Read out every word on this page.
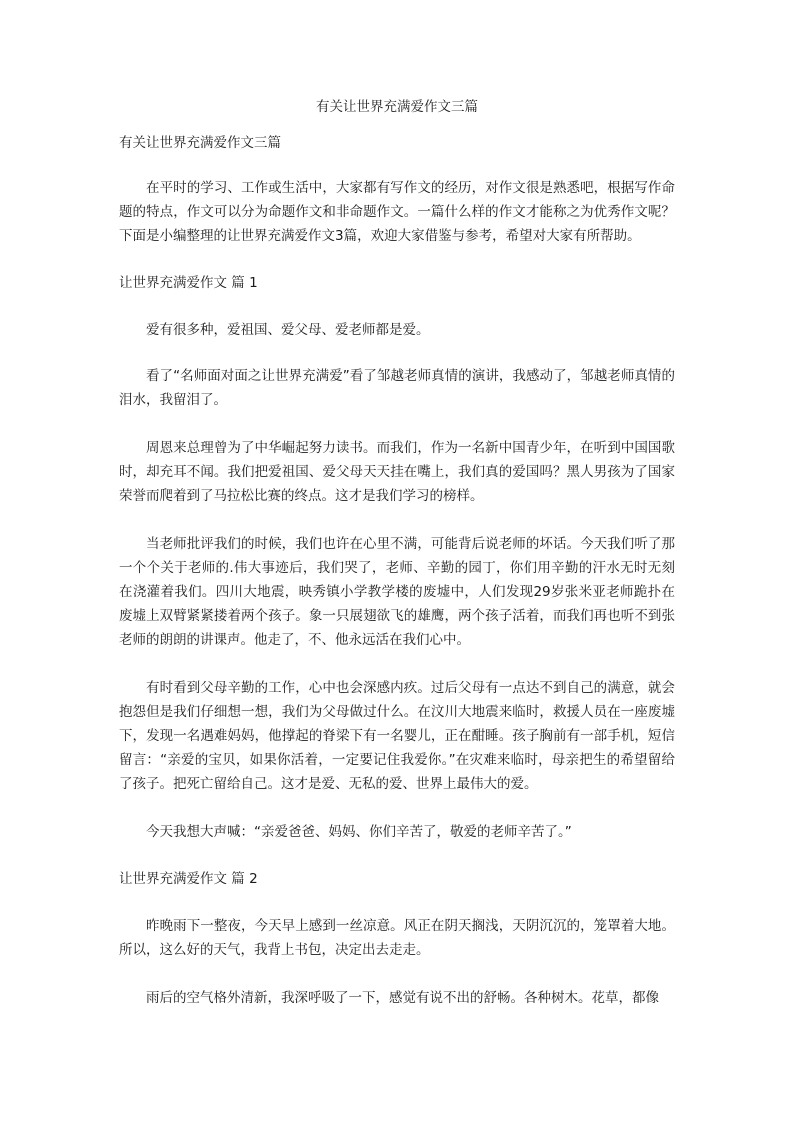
有关让世界充满爱作文三篇
有关让世界充满爱作文三篇

在平时的学习、工作或生活中，大家都有写作文的经历，对作文很是熟悉吧，根据写作命题的特点，作文可以分为命题作文和非命题作文。一篇什么样的作文才能称之为优秀作文呢？下面是小编整理的让世界充满爱作文3篇，欢迎大家借鉴与参考，希望对大家有所帮助。

让世界充满爱作文 篇 1

爱有很多种，爱祖国、爱父母、爱老师都是爱。

看了“名师面对面之让世界充满爱”看了邹越老师真情的演讲，我感动了，邹越老师真情的泪水，我留泪了。

周恩来总理曾为了中华崛起努力读书。而我们，作为一名新中国青少年，在听到中国国歌时，却充耳不闻。我们把爱祖国、爱父母天天挂在嘴上，我们真的爱国吗？黑人男孩为了国家荣誉而爬着到了马拉松比赛的终点。这才是我们学习的榜样。

当老师批评我们的时候，我们也许在心里不满，可能背后说老师的坏话。今天我们听了那一个个关于老师的.伟大事迹后，我们哭了，老师、辛勤的园丁，你们用辛勤的汗水无时无刻在浇灌着我们。四川大地震，映秀镇小学教学楼的废墟中，人们发现29岁张米亚老师跪扑在废墟上双臂紧紧搂着两个孩子。象一只展翅欲飞的雄鹰，两个孩子活着，而我们再也听不到张老师的朗朗的讲课声。他走了，不、他永远活在我们心中。

有时看到父母辛勤的工作，心中也会深感内疚。过后父母有一点达不到自己的满意，就会抱怨但是我们仔细想一想，我们为父母做过什么。在汶川大地震来临时，救援人员在一座废墟下，发现一名遇难妈妈，他撑起的脊梁下有一名婴儿，正在酣睡。孩子胸前有一部手机，短信留言：“亲爱的宝贝，如果你活着，一定要记住我爱你。”在灾难来临时，母亲把生的希望留给了孩子。把死亡留给自己。这才是爱、无私的爱、世界上最伟大的爱。

今天我想大声喊：“亲爱爸爸、妈妈、你们辛苦了，敬爱的老师辛苦了。”

让世界充满爱作文 篇 2

昨晚雨下一整夜，今天早上感到一丝凉意。风正在阴天搁浅，天阴沉沉的，笼罩着大地。所以，这么好的天气，我背上书包，决定出去走走。

雨后的空气格外清新，我深呼吸了一下，感觉有说不出的舒畅。各种树木。花草，都像
